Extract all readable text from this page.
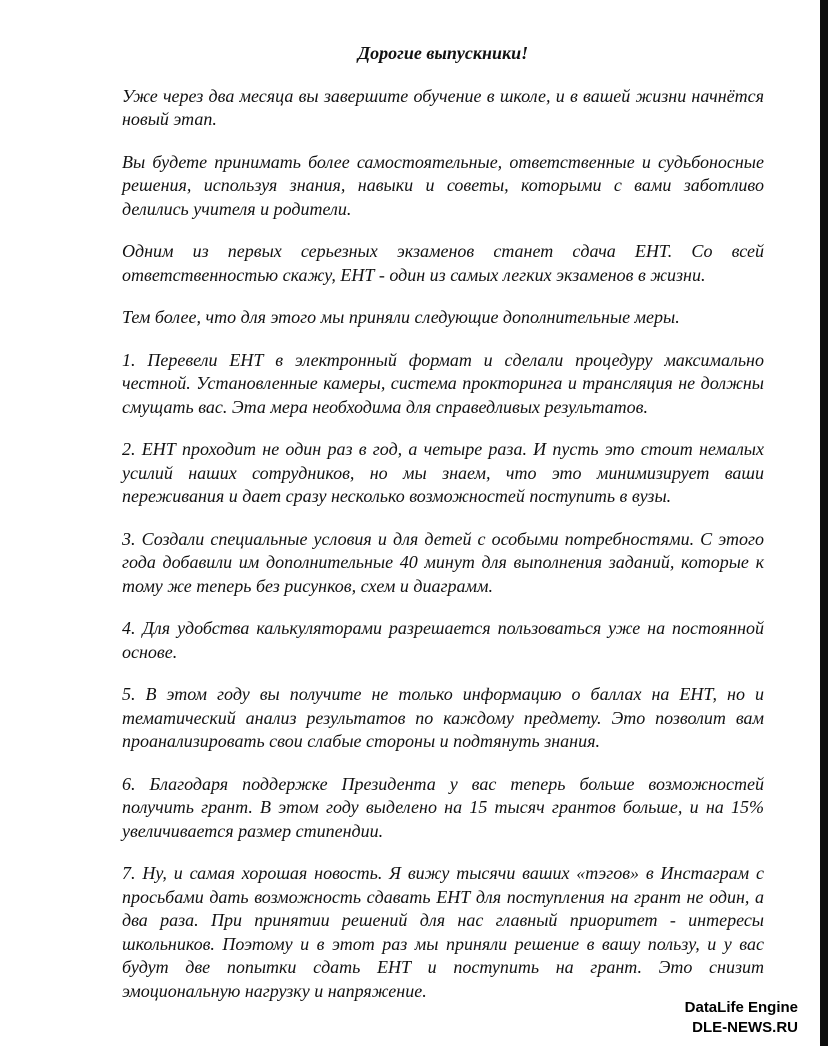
Дорогие выпускники!

Уже через два месяца вы завершите обучение в школе, и в вашей жизни начнётся новый этап.

Вы будете принимать более самостоятельные, ответственные и судьбоносные решения, используя знания, навыки и советы, которыми с вами заботливо делились учителя и родители.

Одним из первых серьезных экзаменов станет сдача ЕНТ. Со всей ответственностью скажу, ЕНТ - один из самых легких экзаменов в жизни.

Тем более, что для этого мы приняли следующие дополнительные меры.

1. Перевели ЕНТ в электронный формат и сделали процедуру максимально честной. Установленные камеры, система прокторинга и трансляция не должны смущать вас. Эта мера необходима для справедливых результатов.

2. ЕНТ проходит не один раз в год, а четыре раза. И пусть это стоит немалых усилий наших сотрудников, но мы знаем, что это минимизирует ваши переживания и дает сразу несколько возможностей поступить в вузы.

3. Создали специальные условия и для детей с особыми потребностями. С этого года добавили им дополнительные 40 минут для выполнения заданий, которые к тому же теперь без рисунков, схем и диаграмм.

4. Для удобства калькуляторами разрешается пользоваться уже на постоянной основе.

5. В этом году вы получите не только информацию о баллах на ЕНТ, но и тематический анализ результатов по каждому предмету. Это позволит вам проанализировать свои слабые стороны и подтянуть знания.

6. Благодаря поддержке Президента у вас теперь больше возможностей получить грант. В этом году выделено на 15 тысяч грантов больше, и на 15% увеличивается размер стипендии.

7. Ну, и самая хорошая новость. Я вижу тысячи ваших «тэгов» в Инстаграм с просьбами дать возможность сдавать ЕНТ для поступления на грант не один, а два раза. При принятии решений для нас главный приоритет - интересы школьников. Поэтому и в этот раз мы приняли решение в вашу пользу, и у вас будут две попытки сдать ЕНТ и поступить на грант. Это снизит эмоциональную нагрузку и напряжение.

DataLife Engine
DLE-NEWS.RU
